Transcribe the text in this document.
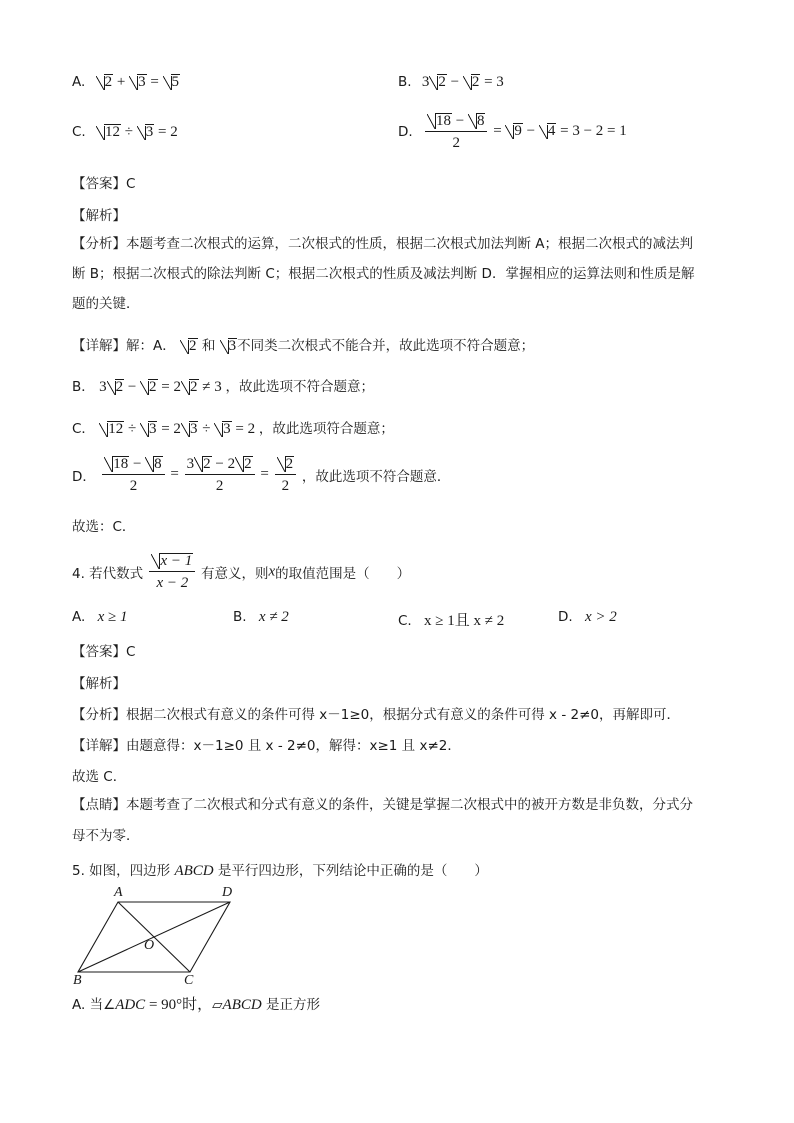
A. 2 + 3 = 5	B. 3 2 − 2 = 3
C. 12 ÷ 3 = 2	D. $\frac{18 - 8}{2} = 9 - 4 = 3 - 2 = 1$
【答案】C
【解析】
【分析】本题考查二次根式的运算，二次根式的性质，根据二次根式加法判断 A；根据二次根式的减法判
断 B；根据二次根式的除法判断 C；根据二次根式的性质及减法判断 D．掌握相应的运算法则和性质是解
题的关键．
【详解】解：A． 2 和 3不同类二次根式不能合并，故此选项不符合题意；
B． 3 2 − 2 = 2 2 ≠ 3 ，故此选项不符合题意；
C． 12 ÷ 3 = 2 3 ÷ 3 = 2 ，故此选项符合题意；
D． $\frac{18 - 8}{2} = \frac{3 2 - 2 2}{2} = \frac{2}{2}$ ，故此选项不符合题意．
故选：C．
4. 若代数式 $\frac{x - 1}{x - 2}$ 有意义，则x的取值范围是（　　）
A. x ≥ 1	B. x ≠ 2	C. x ≥ 1且 x ≠ 2	D. x > 2
【答案】C
【解析】
【分析】根据二次根式有意义的条件可得 x－1≥0，根据分式有意义的条件可得 x - 2≠0，再解即可．
【详解】由题意得：x－1≥0 且 x - 2≠0，解得：x≥1 且 x≠2．
故选 C．
【点睛】本题考查了二次根式和分式有意义的条件，关键是掌握二次根式中的被开方数是非负数，分式分
母不为零．
5. 如图，四边形 ABCD 是平行四边形，下列结论中正确的是（　　）
A	D
O
B	C
A. 当∠ADC = 90°时，▱ABCD 是正方形
